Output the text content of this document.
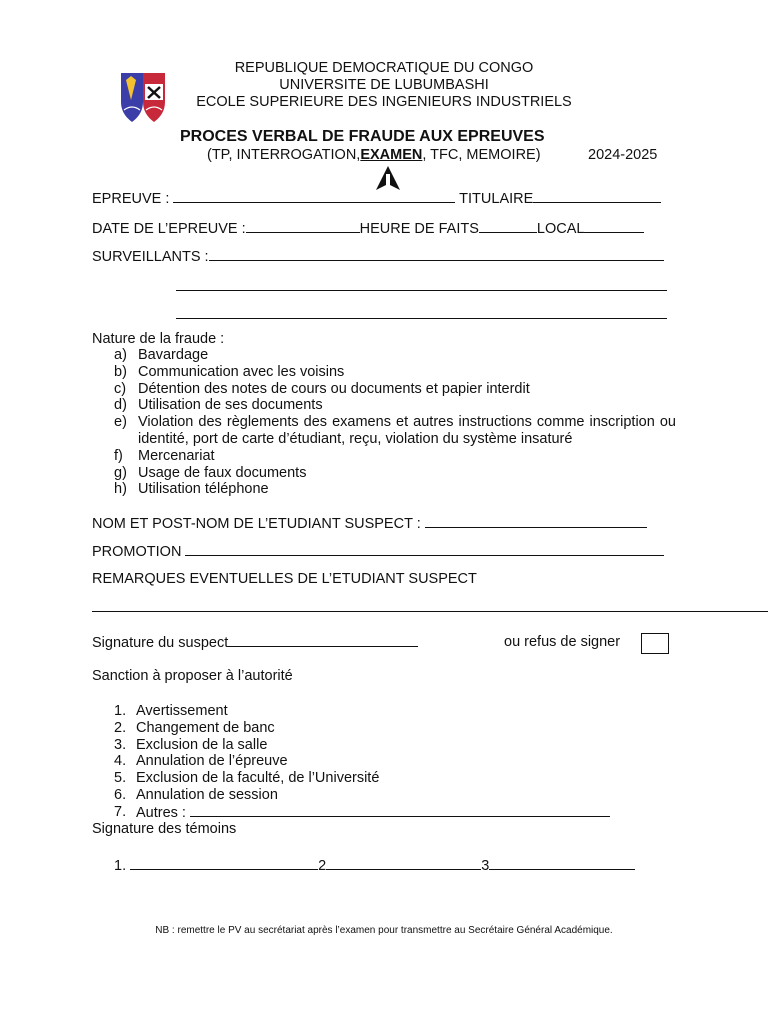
REPUBLIQUE DEMOCRATIQUE DU CONGO
UNIVERSITE DE LUBUMBASHI
ECOLE SUPERIEURE DES INGENIEURS INDUSTRIELS
PROCES VERBAL DE FRAUDE AUX EPREUVES
(TP, INTERROGATION,EXAMEN, TFC, MEMOIRE)	2024-2025
EPREUVE :	TITULAIRE
DATE DE L’EPREUVE :	HEURE DE FAITS	LOCAL
SURVEILLANTS :
Nature de la fraude :
a) Bavardage
b) Communication avec les voisins
c) Détention des notes de cours ou documents et papier interdit
d) Utilisation de ses documents
e) Violation des règlements des examens et autres instructions comme inscription ou identité, port de carte d’étudiant, reçu, violation du système insaturé
f) Mercenariat
g) Usage de faux documents
h) Utilisation téléphone
NOM ET POST-NOM DE L’ETUDIANT SUSPECT :
PROMOTION
REMARQUES EVENTUELLES DE L’ETUDIANT SUSPECT
Signature du suspect	ou refus de signer
Sanction à proposer à l’autorité
1. Avertissement
2. Changement de banc
3. Exclusion de la salle
4. Annulation de l’épreuve
5. Exclusion de la faculté, de l’Université
6. Annulation de session
7. Autres :
Signature des témoins
1.	2	3
NB : remettre le PV au secrétariat après l’examen pour transmettre au Secrétaire Général Académique.
